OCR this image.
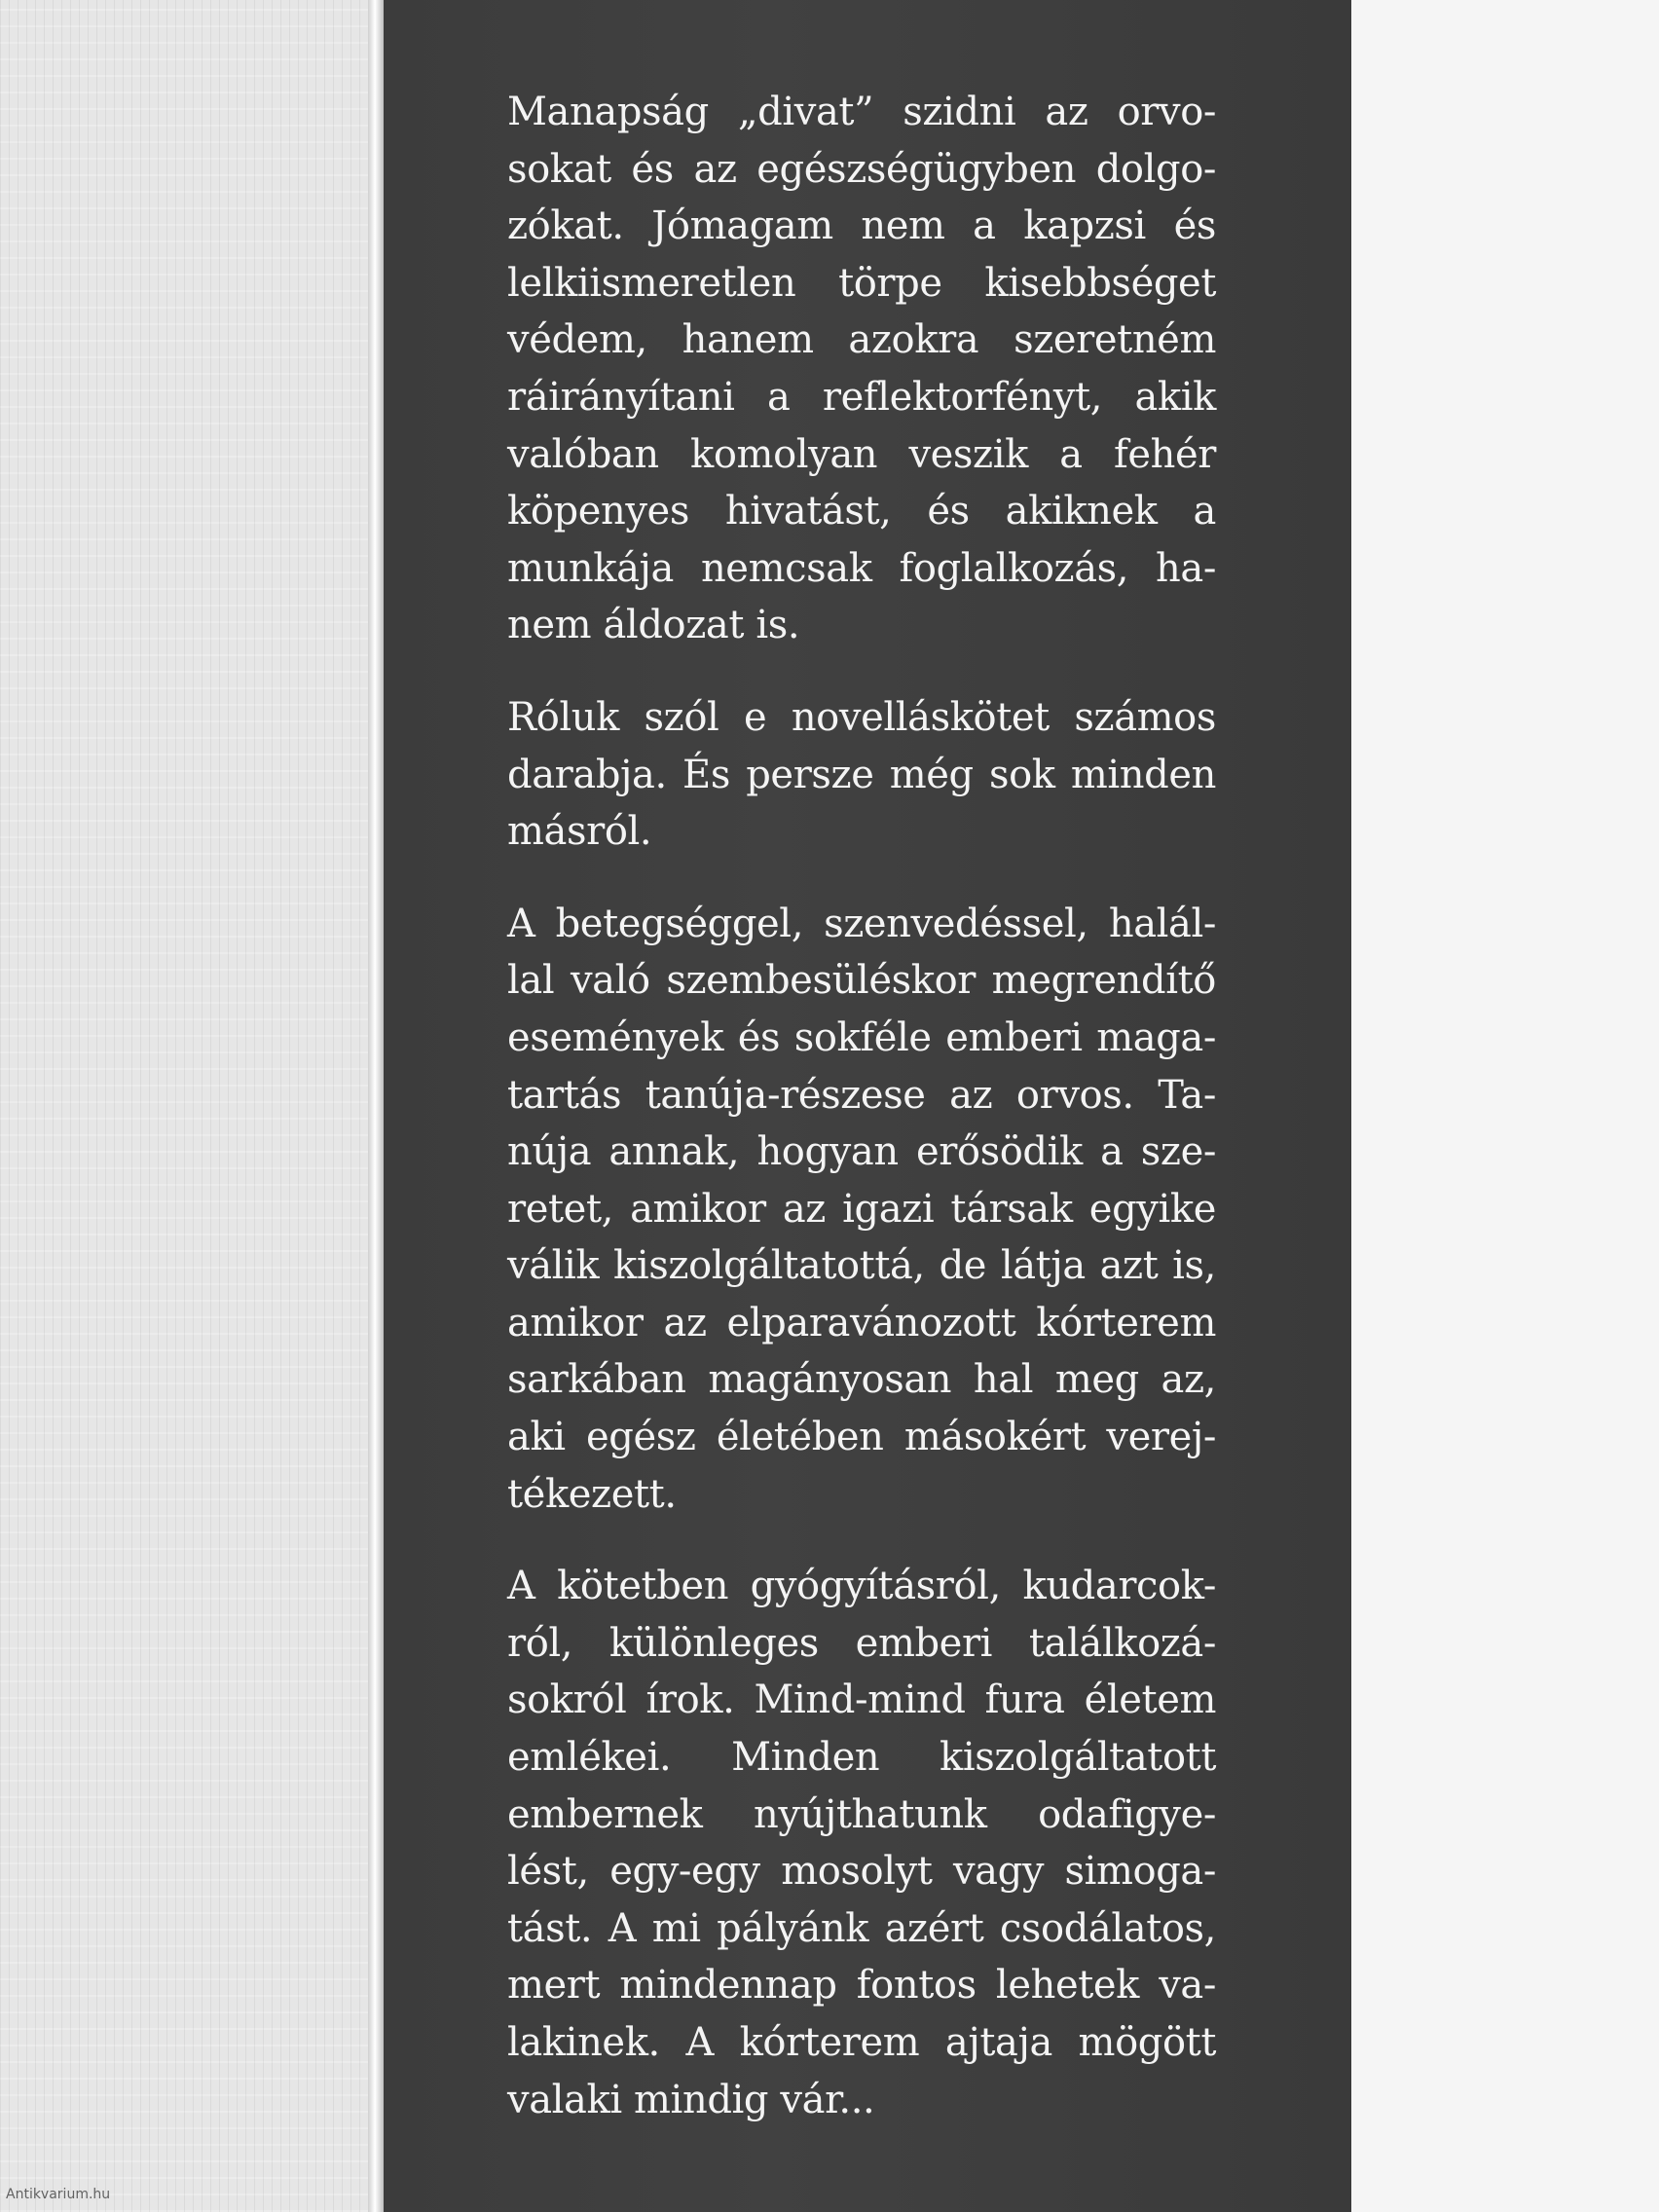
Manapság „divat” szidni az orvo-
sokat és az egészségügyben dolgo-
zókat. Jómagam nem a kapzsi és
lelkiismeretlen törpe kisebbséget
védem, hanem azokra szeretném
ráirányítani a reflektorfényt, akik
valóban komolyan veszik a fehér
köpenyes hivatást, és akiknek a
munkája nemcsak foglalkozás, ha-
nem áldozat is.

Róluk szól e novelláskötet számos
darabja. És persze még sok minden
másról.

A betegséggel, szenvedéssel, halál-
lal való szembesüléskor megrendítő
események és sokféle emberi maga-
tartás tanúja-részese az orvos. Ta-
núja annak, hogyan erősödik a sze-
retet, amikor az igazi társak egyike
válik kiszolgáltatottá, de látja azt is,
amikor az elparavánozott kórterem
sarkában magányosan hal meg az,
aki egész életében másokért verej-
tékezett.

A kötetben gyógyításról, kudarcok-
ról, különleges emberi találkozá-
sokról írok. Mind-mind fura életem
emlékei. Minden kiszolgáltatott
embernek nyújthatunk odafigye-
lést, egy-egy mosolyt vagy simoga-
tást. A mi pályánk azért csodálatos,
mert mindennap fontos lehetek va-
lakinek. A kórterem ajtaja mögött
valaki mindig vár...

Antikvarium.hu
